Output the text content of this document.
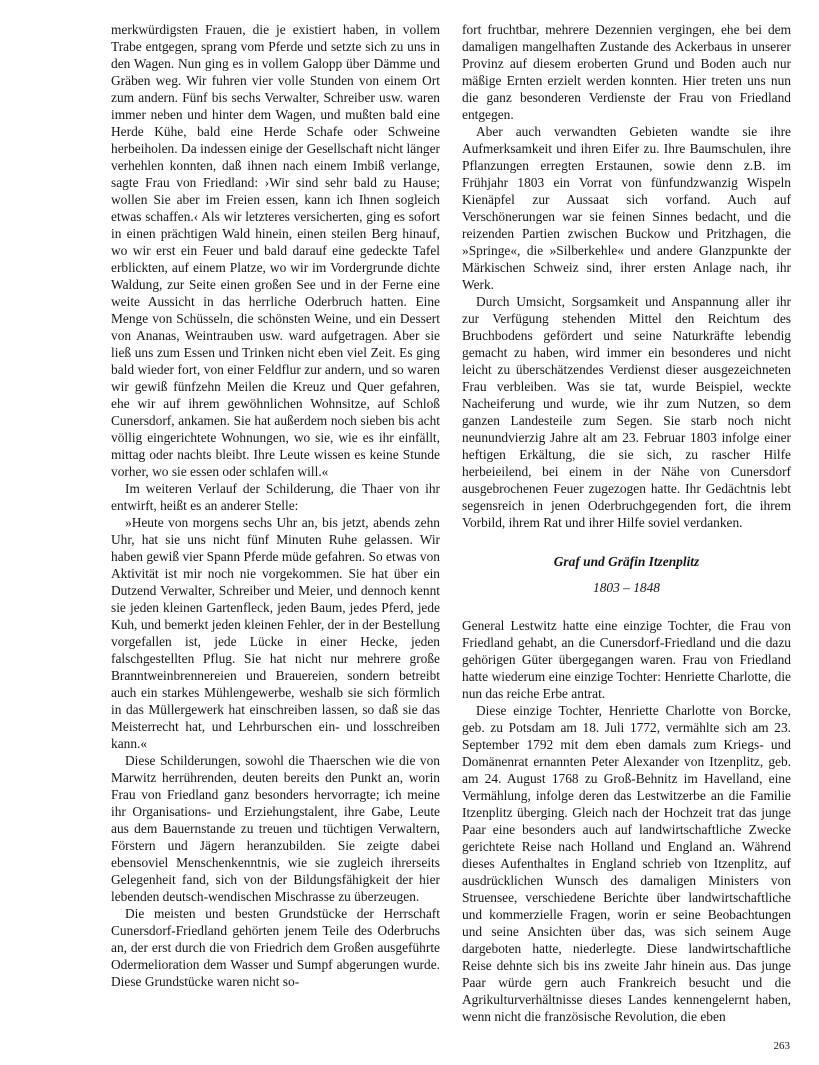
merkwürdigsten Frauen, die je existiert haben, in vollem Trabe entgegen, sprang vom Pferde und setzte sich zu uns in den Wagen. Nun ging es in vollem Galopp über Dämme und Gräben weg. Wir fuhren vier volle Stunden von einem Ort zum andern. Fünf bis sechs Verwalter, Schreiber usw. waren immer neben und hinter dem Wagen, und mußten bald eine Herde Kühe, bald eine Herde Schafe oder Schweine herbeiholen. Da indessen einige der Gesellschaft nicht länger verhehlen konnten, daß ihnen nach einem Imbiß verlange, sagte Frau von Friedland: ›Wir sind sehr bald zu Hause; wollen Sie aber im Freien essen, kann ich Ihnen sogleich etwas schaffen.‹ Als wir letzteres versicherten, ging es sofort in einen prächtigen Wald hinein, einen steilen Berg hinauf, wo wir erst ein Feuer und bald darauf eine gedeckte Tafel erblickten, auf einem Platze, wo wir im Vordergrunde dichte Waldung, zur Seite einen großen See und in der Ferne eine weite Aussicht in das herrliche Oderbruch hatten. Eine Menge von Schüsseln, die schönsten Weine, und ein Dessert von Ananas, Weintrauben usw. ward aufgetragen. Aber sie ließ uns zum Essen und Trinken nicht eben viel Zeit. Es ging bald wieder fort, von einer Feldflur zur andern, und so waren wir gewiß fünfzehn Meilen die Kreuz und Quer gefahren, ehe wir auf ihrem gewöhnlichen Wohnsitze, auf Schloß Cunersdorf, ankamen. Sie hat außerdem noch sieben bis acht völlig eingerichtete Wohnungen, wo sie, wie es ihr einfällt, mittag oder nachts bleibt. Ihre Leute wissen es keine Stunde vorher, wo sie essen oder schlafen will.«

Im weiteren Verlauf der Schilderung, die Thaer von ihr entwirft, heißt es an anderer Stelle:

»Heute von morgens sechs Uhr an, bis jetzt, abends zehn Uhr, hat sie uns nicht fünf Minuten Ruhe gelassen. Wir haben gewiß vier Spann Pferde müde gefahren. So etwas von Aktivität ist mir noch nie vorgekommen. Sie hat über ein Dutzend Verwalter, Schreiber und Meier, und dennoch kennt sie jeden kleinen Gartenfleck, jeden Baum, jedes Pferd, jede Kuh, und bemerkt jeden kleinen Fehler, der in der Bestellung vorgefallen ist, jede Lücke in einer Hecke, jeden falschgestellten Pflug. Sie hat nicht nur mehrere große Branntweinbrennereien und Brauereien, sondern betreibt auch ein starkes Mühlengewerbe, weshalb sie sich förmlich in das Müllergewerk hat einschreiben lassen, so daß sie das Meisterrecht hat, und Lehrburschen ein- und losschreiben kann.«

Diese Schilderungen, sowohl die Thaerschen wie die von Marwitz herrührenden, deuten bereits den Punkt an, worin Frau von Friedland ganz besonders hervorragte; ich meine ihr Organisations- und Erziehungstalent, ihre Gabe, Leute aus dem Bauernstande zu treuen und tüchtigen Verwaltern, Förstern und Jägern heranzubilden. Sie zeigte dabei ebensoviel Menschenkenntnis, wie sie zugleich ihrerseits Gelegenheit fand, sich von der Bildungsfähigkeit der hier lebenden deutsch-wendischen Mischrasse zu überzeugen.

Die meisten und besten Grundstücke der Herrschaft Cunersdorf-Friedland gehörten jenem Teile des Oderbruchs an, der erst durch die von Friedrich dem Großen ausgeführte Odermelioration dem Wasser und Sumpf abgerungen wurde. Diese Grundstücke waren nicht so-

fort fruchtbar, mehrere Dezennien vergingen, ehe bei dem damaligen mangelhaften Zustande des Ackerbaus in unserer Provinz auf diesem eroberten Grund und Boden auch nur mäßige Ernten erzielt werden konnten. Hier treten uns nun die ganz besonderen Verdienste der Frau von Friedland entgegen.

Aber auch verwandten Gebieten wandte sie ihre Aufmerksamkeit und ihren Eifer zu. Ihre Baumschulen, ihre Pflanzungen erregten Erstaunen, sowie denn z.B. im Frühjahr 1803 ein Vorrat von fünfundzwanzig Wispeln Kienäpfel zur Aussaat sich vorfand. Auch auf Verschönerungen war sie feinen Sinnes bedacht, und die reizenden Partien zwischen Buckow und Pritzhagen, die »Springe«, die »Silberkehle« und andere Glanzpunkte der Märkischen Schweiz sind, ihrer ersten Anlage nach, ihr Werk.

Durch Umsicht, Sorgsamkeit und Anspannung aller ihr zur Verfügung stehenden Mittel den Reichtum des Bruchbodens gefördert und seine Naturkräfte lebendig gemacht zu haben, wird immer ein besonderes und nicht leicht zu überschätzendes Verdienst dieser ausgezeichneten Frau verbleiben. Was sie tat, wurde Beispiel, weckte Nacheiferung und wurde, wie ihr zum Nutzen, so dem ganzen Landesteile zum Segen. Sie starb noch nicht neunundvierzig Jahre alt am 23. Februar 1803 infolge einer heftigen Erkältung, die sie sich, zu rascher Hilfe herbeieilend, bei einem in der Nähe von Cunersdorf ausgebrochenen Feuer zugezogen hatte. Ihr Gedächtnis lebt segensreich in jenen Oderbruchgegenden fort, die ihrem Vorbild, ihrem Rat und ihrer Hilfe soviel verdanken.

Graf und Gräfin Itzenplitz

1803 – 1848

General Lestwitz hatte eine einzige Tochter, die Frau von Friedland gehabt, an die Cunersdorf-Friedland und die dazu gehörigen Güter übergegangen waren. Frau von Friedland hatte wiederum eine einzige Tochter: Henriette Charlotte, die nun das reiche Erbe antrat.

Diese einzige Tochter, Henriette Charlotte von Borcke, geb. zu Potsdam am 18. Juli 1772, vermählte sich am 23. September 1792 mit dem eben damals zum Kriegs- und Domänenrat ernannten Peter Alexander von Itzenplitz, geb. am 24. August 1768 zu Groß-Behnitz im Havelland, eine Vermählung, infolge deren das Lestwitzerbe an die Familie Itzenplitz überging. Gleich nach der Hochzeit trat das junge Paar eine besonders auch auf landwirtschaftliche Zwecke gerichtete Reise nach Holland und England an. Während dieses Aufenthaltes in England schrieb von Itzenplitz, auf ausdrücklichen Wunsch des damaligen Ministers von Struensee, verschiedene Berichte über landwirtschaftliche und kommerzielle Fragen, worin er seine Beobachtungen und seine Ansichten über das, was sich seinem Auge dargeboten hatte, niederlegte. Diese landwirtschaftliche Reise dehnte sich bis ins zweite Jahr hinein aus. Das junge Paar würde gern auch Frankreich besucht und die Agrikulturverhältnisse dieses Landes kennengelernt haben, wenn nicht die französische Revolution, die eben

263
